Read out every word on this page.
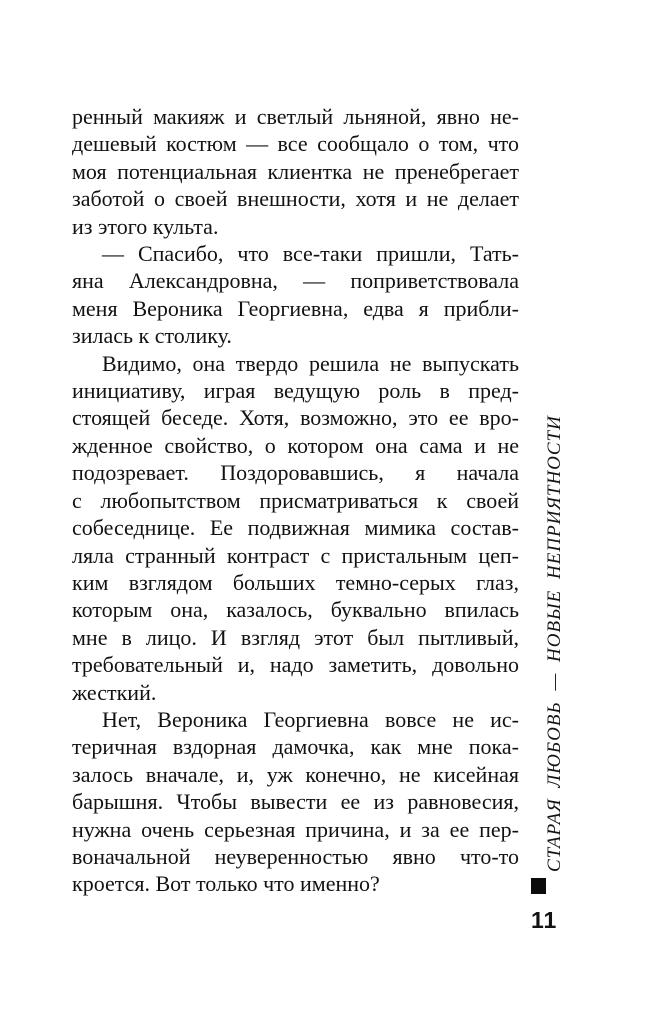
ренный макияж и светлый льняной, явно не-
дешевый костюм — все сообщало о том, что
моя потенциальная клиентка не пренебрегает
заботой о своей внешности, хотя и не делает
из этого культа.
— Спасибо, что все-таки пришли, Тать-
яна Александровна, — поприветствовала
меня Вероника Георгиевна, едва я прибли-
зилась к столику.
Видимо, она твердо решила не выпускать
инициативу, играя ведущую роль в пред-
стоящей беседе. Хотя, возможно, это ее вро-
жденное свойство, о котором она сама и не
подозревает. Поздоровавшись, я начала
с любопытством присматриваться к своей
собеседнице. Ее подвижная мимика состав-
ляла странный контраст с пристальным цеп-
ким взглядом больших темно-серых глаз,
которым она, казалось, буквально впилась
мне в лицо. И взгляд этот был пытливый,
требовательный и, надо заметить, довольно
жесткий.
Нет, Вероника Георгиевна вовсе не ис-
теричная вздорная дамочка, как мне пока-
залось вначале, и, уж конечно, не кисейная
барышня. Чтобы вывести ее из равновесия,
нужна очень серьезная причина, и за ее пер-
воначальной неуверенностью явно что-то
кроется. Вот только что именно?
СТАРАЯ ЛЮБОВЬ — НОВЫЕ НЕПРИЯТНОСТИ
11
